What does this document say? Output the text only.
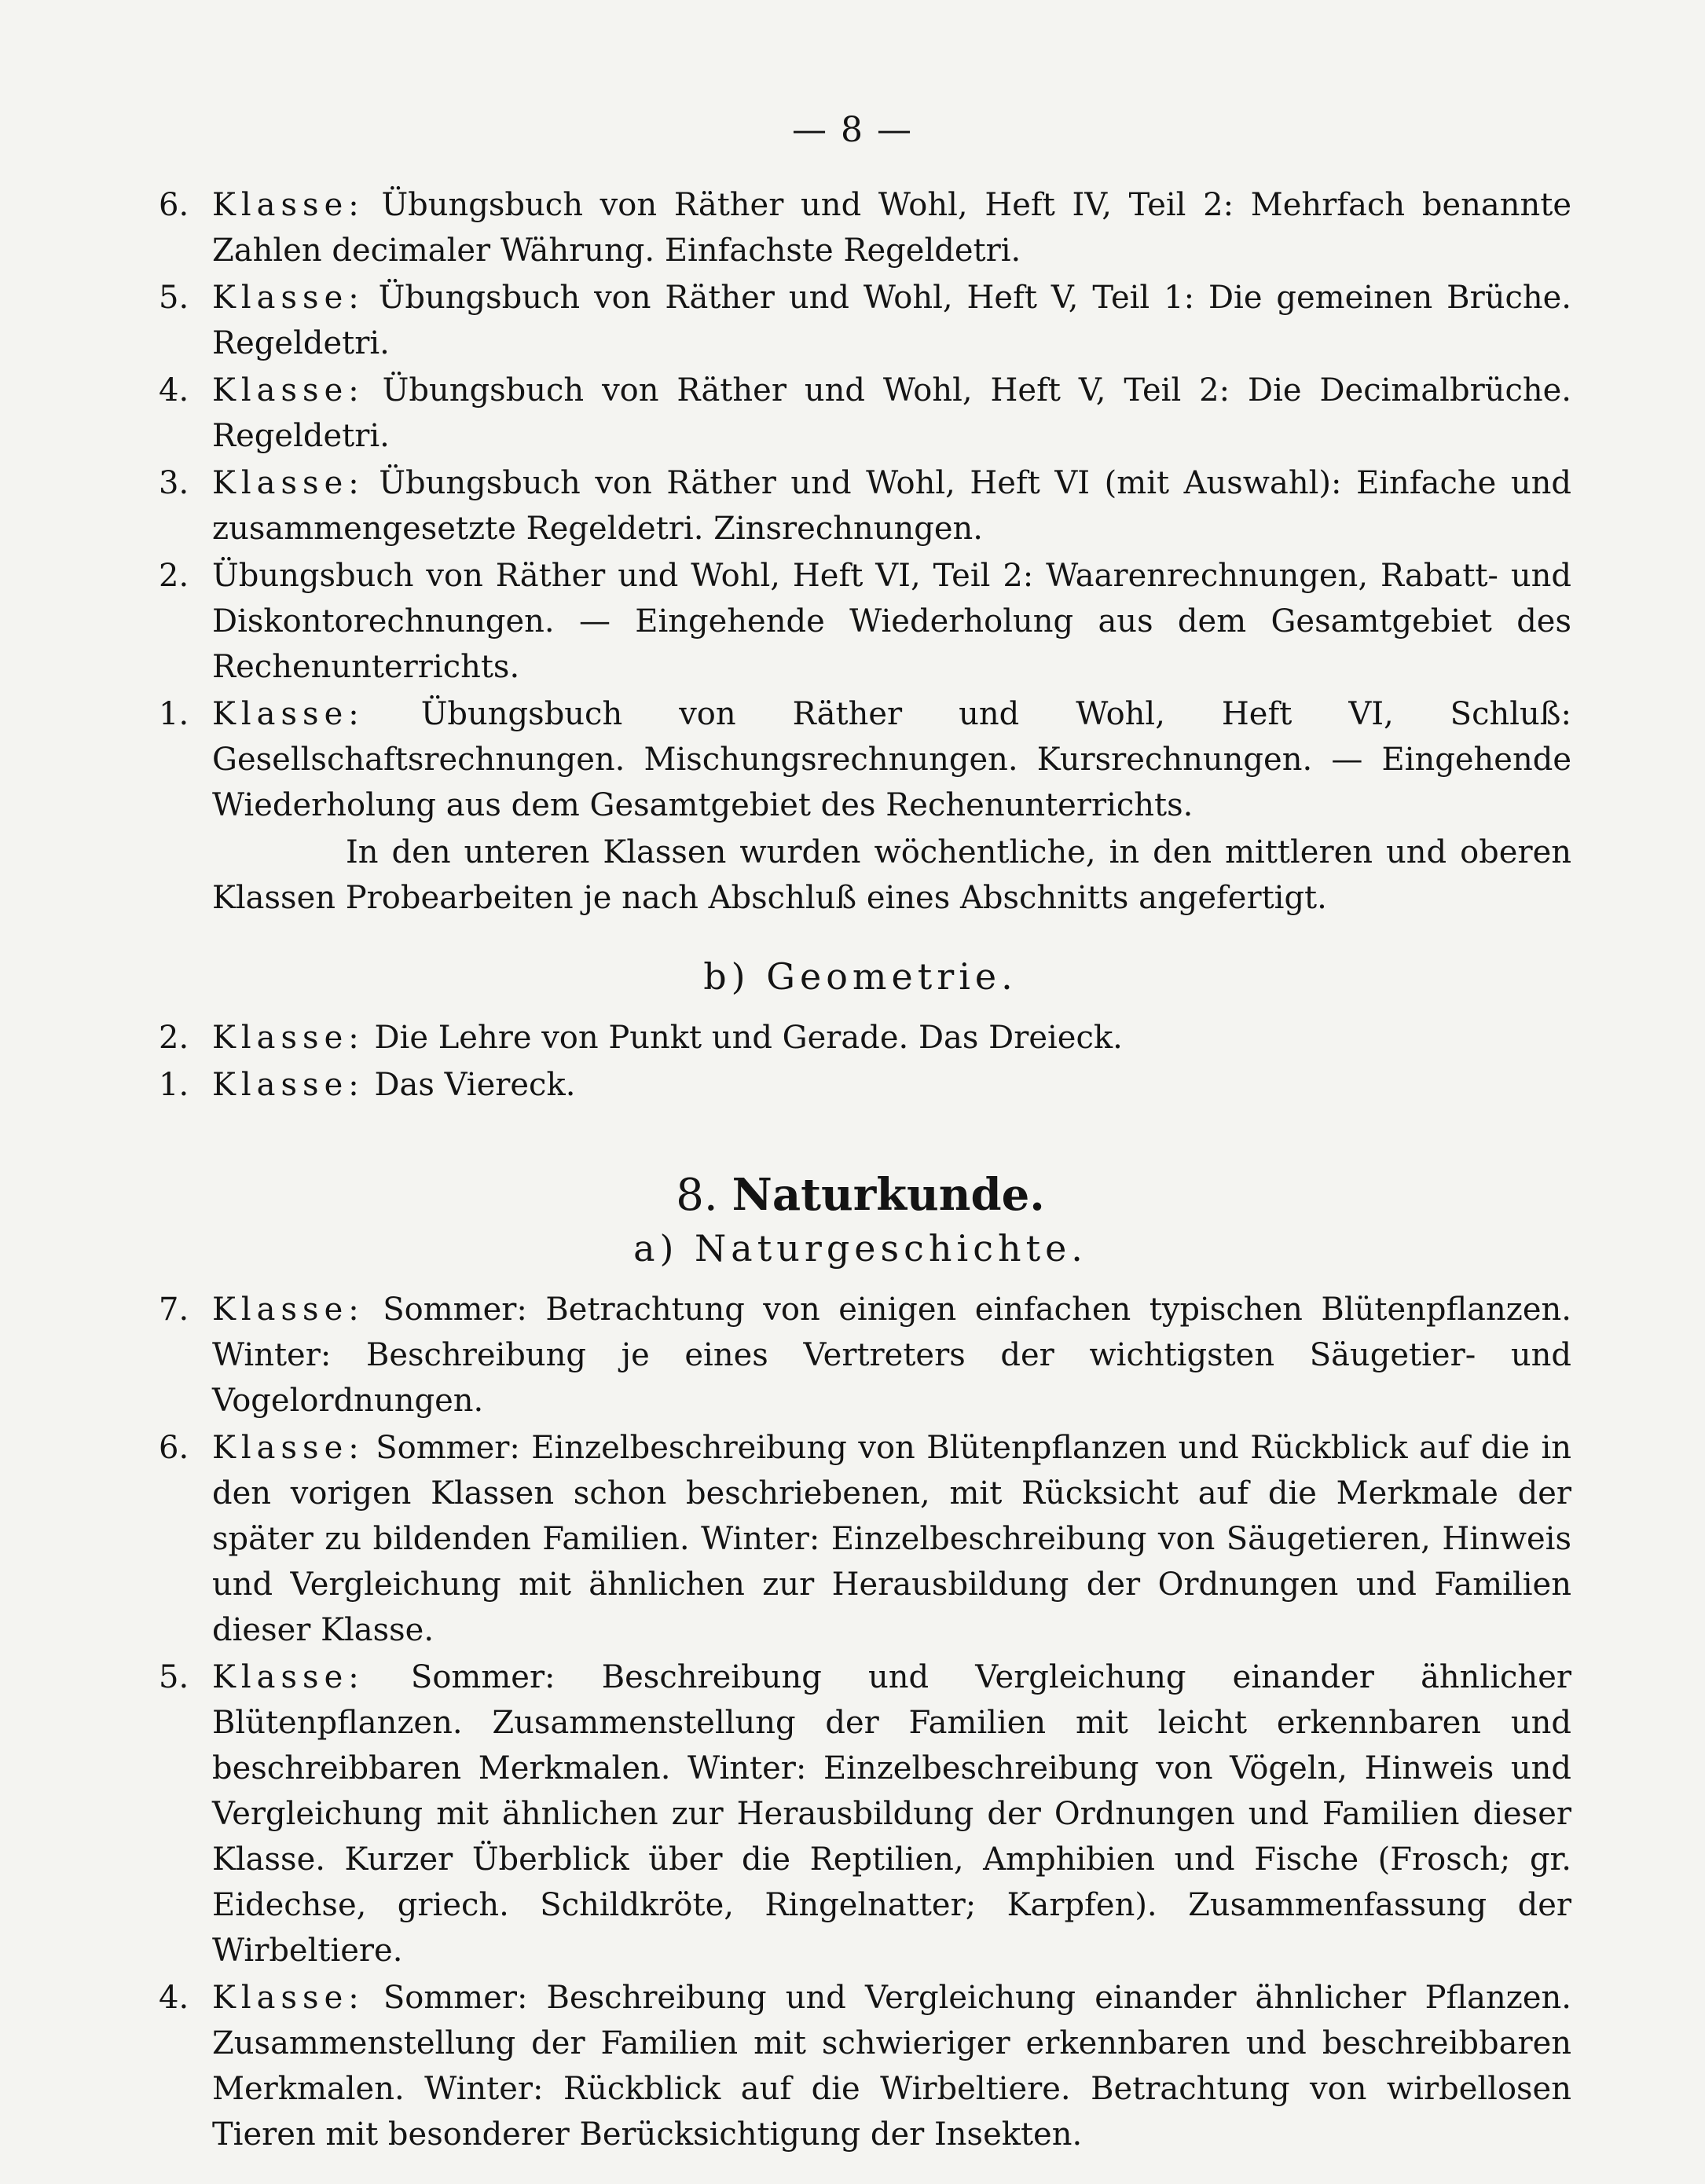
— 8 —
6. Klasse: Übungsbuch von Räther und Wohl, Heft IV, Teil 2: Mehrfach benannte Zahlen decimaler Währung. Einfachste Regeldetri.
5. Klasse: Übungsbuch von Räther und Wohl, Heft V, Teil 1: Die gemeinen Brüche. Regeldetri.
4. Klasse: Übungsbuch von Räther und Wohl, Heft V, Teil 2: Die Decimalbrüche. Regeldetri.
3. Klasse: Übungsbuch von Räther und Wohl, Heft VI (mit Auswahl): Einfache und zusammengesetzte Regeldetri. Zinsrechnungen.
2. Übungsbuch von Räther und Wohl, Heft VI, Teil 2: Waarenrechnungen, Rabatt- und Diskontorechnungen. — Eingehende Wiederholung aus dem Gesamtgebiet des Rechenunterrichts.
1. Klasse: Übungsbuch von Räther und Wohl, Heft VI, Schluß: Gesellschaftsrechnungen. Mischungsrechnungen. Kursrechnungen. — Eingehende Wiederholung aus dem Gesamtgebiet des Rechenunterrichts.
In den unteren Klassen wurden wöchentliche, in den mittleren und oberen Klassen Probearbeiten je nach Abschluß eines Abschnitts angefertigt.
b) Geometrie.
2. Klasse: Die Lehre von Punkt und Gerade. Das Dreieck.
1. Klasse: Das Viereck.
8. Naturkunde.
a) Naturgeschichte.
7. Klasse: Sommer: Betrachtung von einigen einfachen typischen Blütenpflanzen. Winter: Beschreibung je eines Vertreters der wichtigsten Säugetier- und Vogelordnungen.
6. Klasse: Sommer: Einzelbeschreibung von Blütenpflanzen und Rückblick auf die in den vorigen Klassen schon beschriebenen, mit Rücksicht auf die Merkmale der später zu bildenden Familien. Winter: Einzelbeschreibung von Säugetieren, Hinweis und Vergleichung mit ähnlichen zur Herausbildung der Ordnungen und Familien dieser Klasse.
5. Klasse: Sommer: Beschreibung und Vergleichung einander ähnlicher Blütenpflanzen. Zusammenstellung der Familien mit leicht erkennbaren und beschreibbaren Merkmalen. Winter: Einzelbeschreibung von Vögeln, Hinweis und Vergleichung mit ähnlichen zur Herausbildung der Ordnungen und Familien dieser Klasse. Kurzer Überblick über die Reptilien, Amphibien und Fische (Frosch; gr. Eidechse, griech. Schildkröte, Ringelnatter; Karpfen). Zusammenfassung der Wirbeltiere.
4. Klasse: Sommer: Beschreibung und Vergleichung einander ähnlicher Pflanzen. Zusammenstellung der Familien mit schwieriger erkennbaren und beschreibbaren Merkmalen. Winter: Rückblick auf die Wirbeltiere. Betrachtung von wirbellosen Tieren mit besonderer Berücksichtigung der Insekten.
